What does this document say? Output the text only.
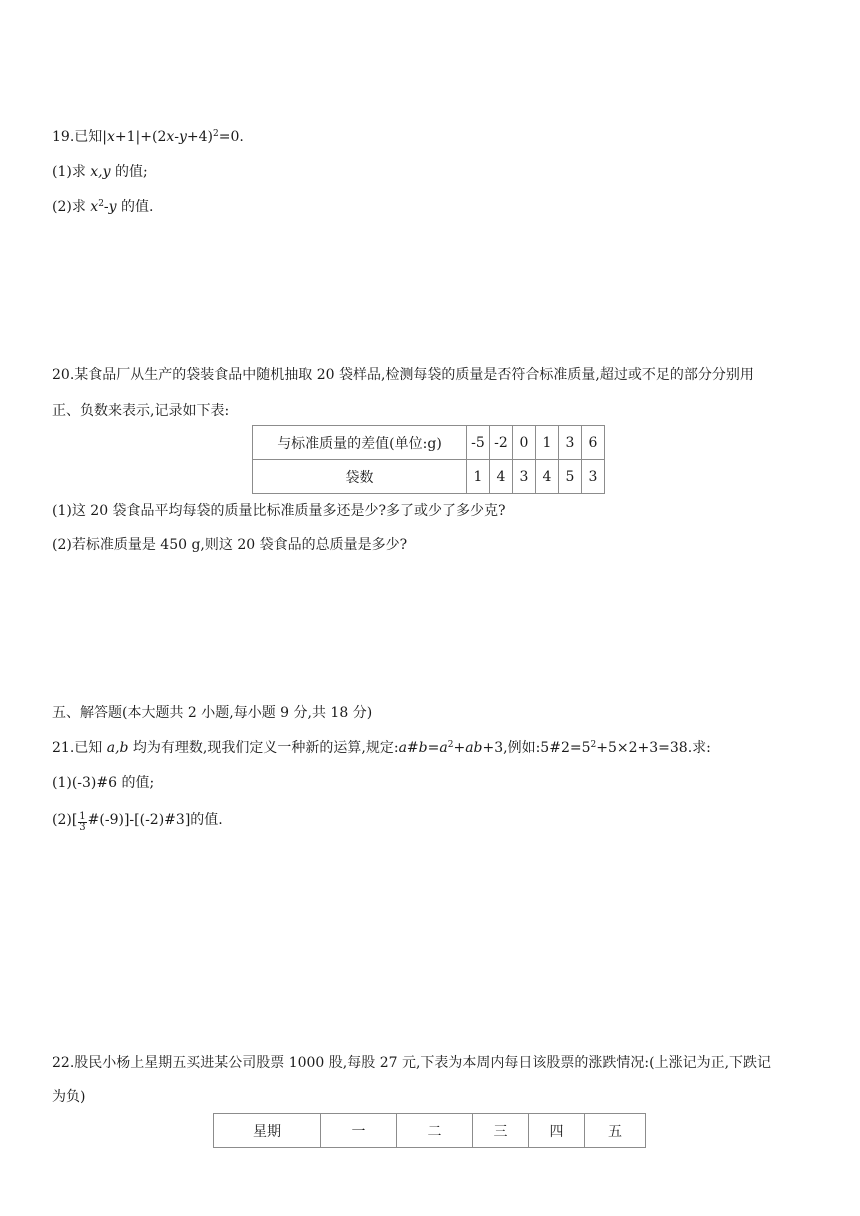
19.已知$|x+1|+(2x-y+4)^2=0$.
(1)求 x,y 的值;
(2)求 $x^2-y$ 的值.
20.某食品厂从生产的袋装食品中随机抽取 20 袋样品,检测每袋的质量是否符合标准质量,超过或不足的部分分别用
正、负数来表示,记录如下表:
与标准质量的差值(单位:g)	-5	-2	0	1	3	6
袋数	1	4	3	4	5	3
(1)这 20 袋食品平均每袋的质量比标准质量多还是少?多了或少了多少克?
(2)若标准质量是 450 g,则这 20 袋食品的总质量是多少?
五、解答题(本大题共 2 小题,每小题 9 分,共 18 分)
21.已知 a,b 均为有理数,现我们定义一种新的运算,规定$:a\#b=a^2+ab+3$,例如$:5\#2=5^2+5\times 2+3=38$.求:
(1)(-3)#6 的值;
$(2)[ \frac{1}{3}$ #(-9)]-[(-2)#3]的值.
22.股民小杨上星期五买进某公司股票 1000 股,每股 27 元,下表为本周内每日该股票的涨跌情况:(上涨记为正,下跌记
为负)
星期	一	二	三	四	五
